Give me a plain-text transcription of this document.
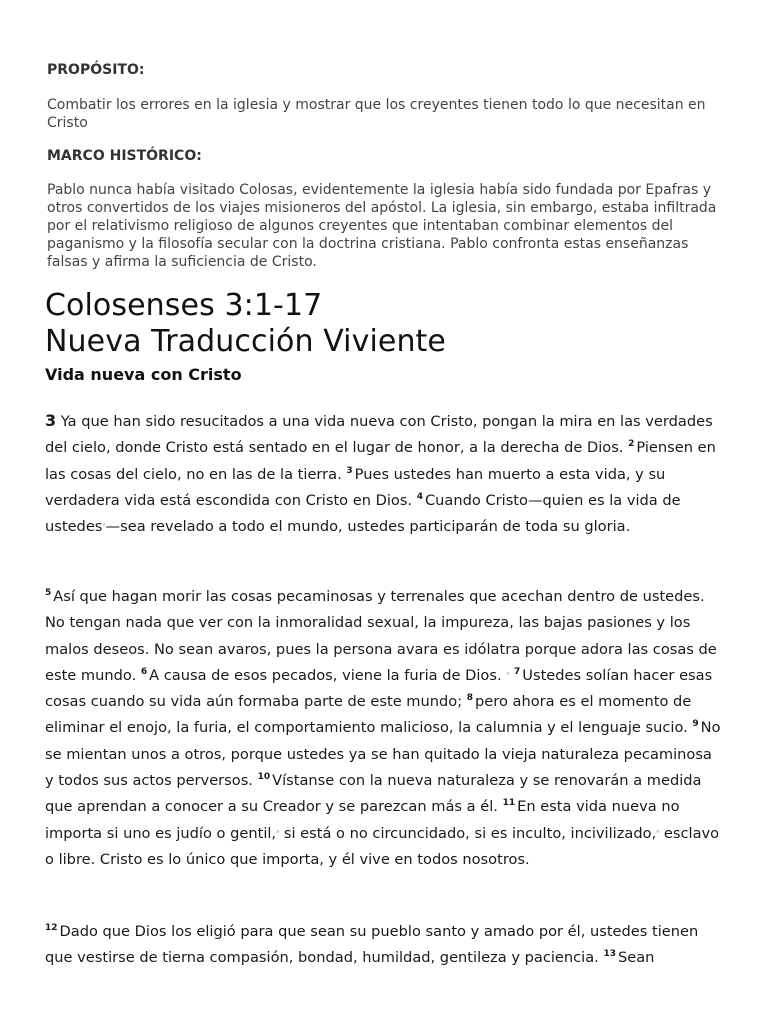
PROPÓSITO:

Combatir los errores en la iglesia y mostrar que los creyentes tienen todo lo que necesitan en Cristo

MARCO HISTÓRICO:

Pablo nunca había visitado Colosas, evidentemente la iglesia había sido fundada por Epafras y otros convertidos de los viajes misioneros del apóstol. La iglesia, sin embargo, estaba infiltrada por el relativismo religioso de algunos creyentes que intentaban combinar elementos del paganismo y la filosofía secular con la doctrina cristiana. Pablo confronta estas enseñanzas falsas y afirma la suficiencia de Cristo.

Colosenses 3:1-17
Nueva Traducción Viviente
Vida nueva con Cristo

3 Ya que han sido resucitados a una vida nueva con Cristo, pongan la mira en las verdades del cielo, donde Cristo está sentado en el lugar de honor, a la derecha de Dios. $^2$ Piensen en las cosas del cielo, no en las de la tierra. $^3$ Pues ustedes han muerto a esta vida, y su verdadera vida está escondida con Cristo en Dios. $^4$ Cuando Cristo—quien es la vida de ustedes$^ᵃ$—sea revelado a todo el mundo, ustedes participarán de toda su gloria.

$^5$ Así que hagan morir las cosas pecaminosas y terrenales que acechan dentro de ustedes. No tengan nada que ver con la inmoralidad sexual, la impureza, las bajas pasiones y los malos deseos. No sean avaros, pues la persona avara es idólatra porque adora las cosas de este mundo. $^6$ A causa de esos pecados, viene la furia de Dios. $^ᵃ$ $^7$ Ustedes solían hacer esas cosas cuando su vida aún formaba parte de este mundo; $^8$ pero ahora es el momento de eliminar el enojo, la furia, el comportamiento malicioso, la calumnia y el lenguaje sucio. $^9$ No se mientan unos a otros, porque ustedes ya se han quitado la vieja naturaleza pecaminosa y todos sus actos perversos. $^{10}$ Vístanse con la nueva naturaleza y se renovarán a medida que aprendan a conocer a su Creador y se parezcan más a él. $^{11}$ En esta vida nueva no importa si uno es judío o gentil,$^ᵃ$ si está o no circuncidado, si es inculto, incivilizado,$^ᵃ$ esclavo o libre. Cristo es lo único que importa, y él vive en todos nosotros.

$^{12}$ Dado que Dios los eligió para que sean su pueblo santo y amado por él, ustedes tienen que vestirse de tierna compasión, bondad, humildad, gentileza y paciencia. $^{13}$ Sean
